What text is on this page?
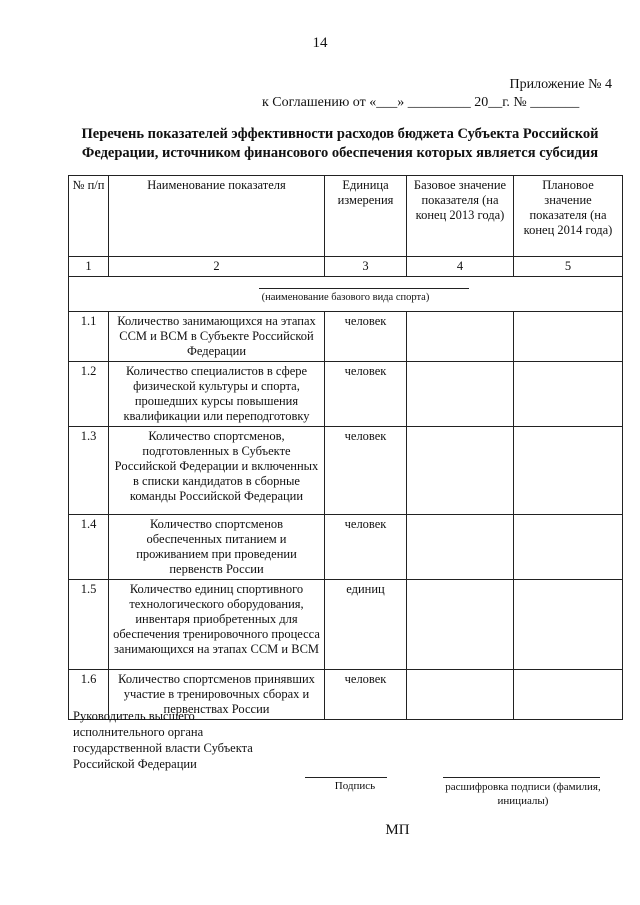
14
Приложение № 4
к Соглашению от «___» _________ 20__г. № _______
Перечень показателей эффективности расходов бюджета Субъекта Российской Федерации, источником финансового обеспечения которых является субсидия
№ п/п	Наименование показателя	Единица измерения	Базовое значение показателя (на конец 2013 года)	Плановое значение показателя (на конец 2014 года)
1	2	3	4	5

(наименование базового вида спорта)				

1.1	Количество занимающихся на этапах ССМ и ВСМ в Субъекте Российской Федерации	человек		
1.2	Количество специалистов в сфере физической культуры и спорта, прошедших курсы повышения квалификации или переподготовку	человек		
1.3	Количество спортсменов, подготовленных в Субъекте Российской Федерации и включенных в списки кандидатов в сборные команды Российской Федерации	человек		
1.4	Количество спортсменов обеспеченных питанием и проживанием при проведении первенств России	человек		
1.5	Количество единиц спортивного технологического оборудования, инвентаря приобретенных для обеспечения тренировочного процесса занимающихся на этапах ССМ и ВСМ	единиц		
1.6	Количество спортсменов принявших участие в тренировочных сборах и первенствах России	человек		
Руководитель высшего исполнительного органа государственной власти Субъекта Российской Федерации
Подпись	расшифровка подписи (фамилия, инициалы)
МП
